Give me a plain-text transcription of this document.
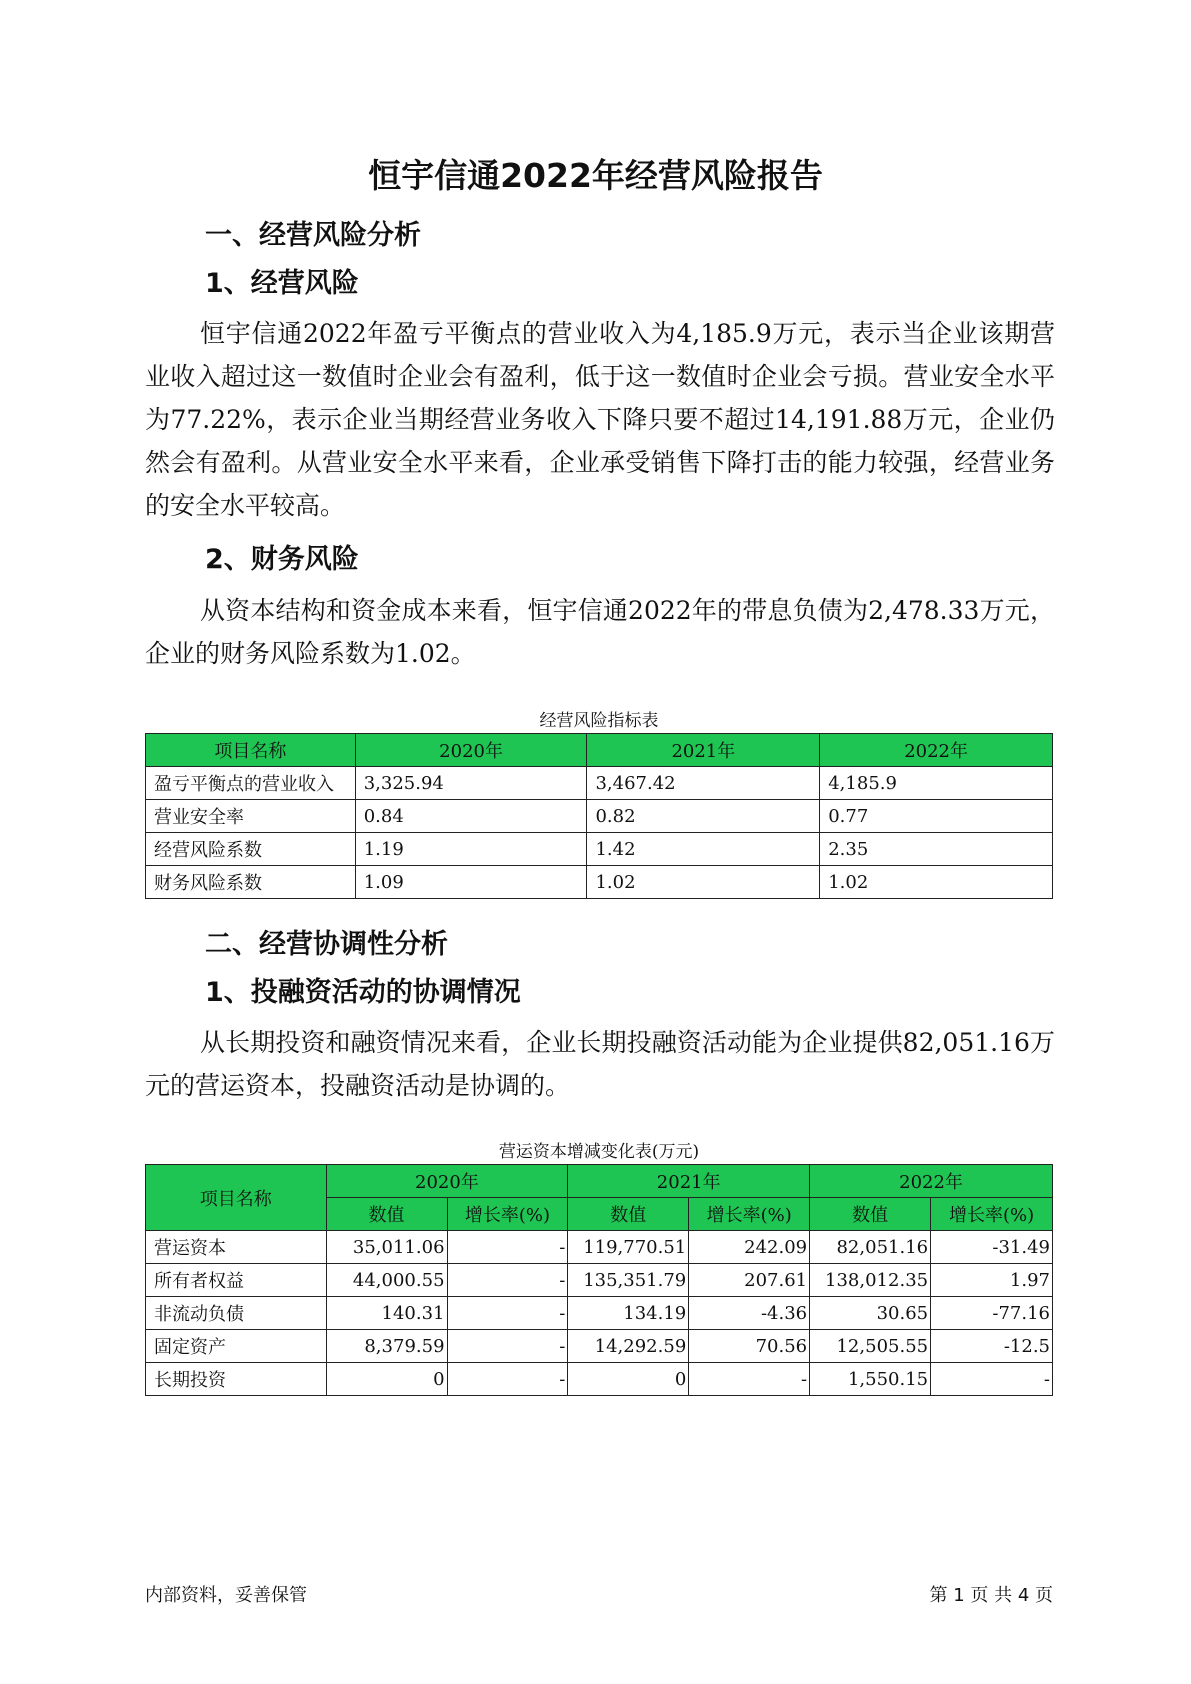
恒宇信通2022年经营风险报告
一、经营风险分析
1、经营风险
恒宇信通2022年盈亏平衡点的营业收入为4,185.9万元，表示当企业该期营业收入超过这一数值时企业会有盈利，低于这一数值时企业会亏损。营业安全水平为77.22%，表示企业当期经营业务收入下降只要不超过14,191.88万元，企业仍然会有盈利。从营业安全水平来看，企业承受销售下降打击的能力较强，经营业务的安全水平较高。
2、财务风险
从资本结构和资金成本来看，恒宇信通2022年的带息负债为2,478.33万元，企业的财务风险系数为1.02。
经营风险指标表
项目名称	2020年	2021年	2022年
盈亏平衡点的营业收入	3,325.94	3,467.42	4,185.9
营业安全率	0.84	0.82	0.77
经营风险系数	1.19	1.42	2.35
财务风险系数	1.09	1.02	1.02
二、经营协调性分析
1、投融资活动的协调情况
从长期投资和融资情况来看，企业长期投融资活动能为企业提供82,051.16万元的营运资本，投融资活动是协调的。
营运资本增减变化表(万元)
项目名称	2020年		2021年		2022年	
	数值	增长率(%)	数值	增长率(%)	数值	增长率(%)
营运资本	35,011.06	-	119,770.51	242.09	82,051.16	-31.49
所有者权益	44,000.55	-	135,351.79	207.61	138,012.35	1.97
非流动负债	140.31	-	134.19	-4.36	30.65	-77.16
固定资产	8,379.59	-	14,292.59	70.56	12,505.55	-12.5
长期投资	0	-	0	-	1,550.15	-
内部资料，妥善保管	第 1 页 共 4 页
